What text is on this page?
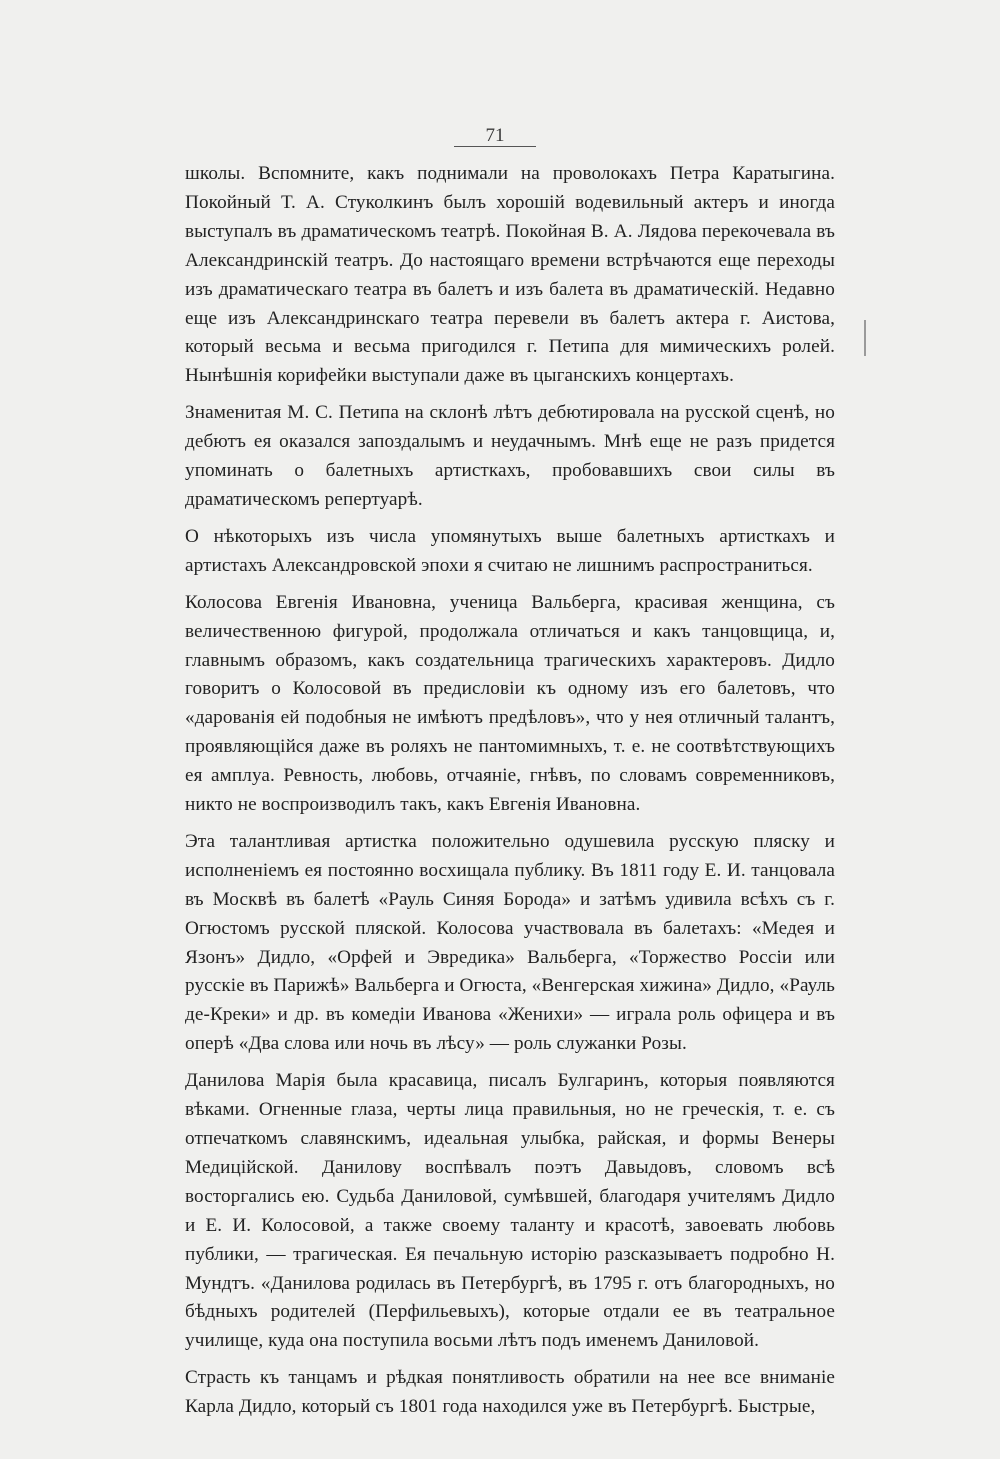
71

школы. Вспомните, какъ поднимали на проволокахъ Петра Каратыгина. Покойный Т. А. Стуколкинъ былъ хорошiй водевильный актеръ и иногда выступалъ въ драматическомъ театрѣ. Покойная В. А. Лядова перекочевала въ Александринскiй театръ. До настоящаго времени встрѣчаются еще переходы изъ драматическаго театра въ балетъ и изъ балета въ драматическiй. Недавно еще изъ Александринскаго театра перевели въ балетъ актера г. Аистова, который весьма и весьма пригодился г. Петипа для мимическихъ ролей. Нынѣшнiя корифейки выступали даже въ цыганскихъ концертахъ.

Знаменитая М. С. Петипа на склонѣ лѣтъ дебютировала на русской сценѣ, но дебютъ ея оказался запоздалымъ и неудачнымъ. Мнѣ еще не разъ придется упоминать о балетныхъ артисткахъ, пробовавшихъ свои силы въ драматическомъ репертуарѣ.

О нѣкоторыхъ изъ числа упомянутыхъ выше балетныхъ артисткахъ и артистахъ Александровской эпохи я считаю не лишнимъ распространиться.

Колосова Евгенiя Ивановна, ученица Вальберга, красивая женщина, съ величественною фигурой, продолжала отличаться и какъ танцовщица, и, главнымъ образомъ, какъ создательница трагическихъ характеровъ. Дидло говоритъ о Колосовой въ предисловiи къ одному изъ его балетовъ, что «дарованiя ей подобныя не имѣютъ предѣловъ», что у нея отличный талантъ, проявляющiйся даже въ роляхъ не пантомимныхъ, т. е. не соотвѣтствующихъ ея амплуа. Ревность, любовь, отчаянiе, гнѣвъ, по словамъ современниковъ, никто не воспроизводилъ такъ, какъ Евгенiя Ивановна.

Эта талантливая артистка положительно одушевила русскую пляску и исполненiемъ ея постоянно восхищала публику. Въ 1811 году Е. И. танцовала въ Москвѣ въ балетѣ «Рауль Синяя Борода» и затѣмъ удивила всѣхъ съ г. Огюстомъ русской пляской. Колосова участвовала въ балетахъ: «Медея и Язонъ» Дидло, «Орфей и Эвредика» Вальберга, «Торжество Россiи или русскiе въ Парижѣ» Вальберга и Огюста, «Венгерская хижина» Дидло, «Рауль де-Креки» и др. въ комедiи Иванова «Женихи» — играла роль офицера и въ оперѣ «Два слова или ночь въ лѣсу» — роль служанки Розы.

Данилова Марiя была красавица, писалъ Булгаринъ, которыя появляются вѣками. Огненные глаза, черты лица правильныя, но не греческiя, т. е. съ отпечаткомъ славянскимъ, идеальная улыбка, райская, и формы Венеры Медицiйской. Данилову воспѣвалъ поэтъ Давыдовъ, словомъ всѣ восторгались ею. Судьба Даниловой, сумѣвшей, благодаря учителямъ Дидло и Е. И. Колосовой, а также своему таланту и красотѣ, завоевать любовь публики, — трагическая. Ея печальную исторiю разсказываетъ подробно Н. Мундтъ. «Данилова родилась въ Петербургѣ, въ 1795 г. отъ благородныхъ, но бѣдныхъ родителей (Перфильевыхъ), которые отдали ее въ театральное училище, куда она поступила восьми лѣтъ подъ именемъ Даниловой.

Страсть къ танцамъ и рѣдкая понятливость обратили на нее все вниманiе Карла Дидло, который съ 1801 года находился уже въ Петербургѣ. Быстрые,
